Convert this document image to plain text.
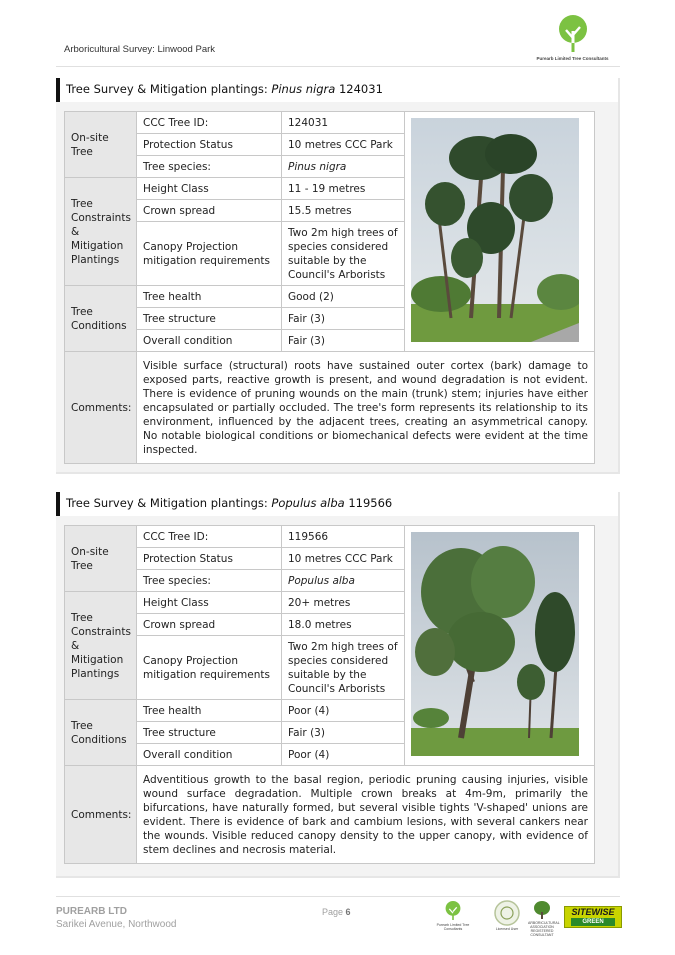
Arboricultural Survey: Linwood Park
Purearb Limited Tree Consultants
Tree Survey & Mitigation plantings: Pinus nigra 124031
On-site Tree	CCC Tree ID:	124031	
	Protection Status	10 metres CCC Park	
	Tree species:	Pinus nigra	
Tree Constraints & Mitigation Plantings	Height Class	11 - 19 metres	
	Crown spread	15.5 metres	
	Canopy Projection mitigation requirements	Two 2m high trees of species considered suitable by the Council's Arborists	
Tree Conditions	Tree health	Good (2)	
	Tree structure	Fair (3)	
	Overall condition	Fair (3)	
Comments:	Visible surface (structural) roots have sustained outer cortex (bark) damage to exposed parts, reactive growth is present, and wound degradation is not evident. There is evidence of pruning wounds on the main (trunk) stem; injuries have either encapsulated or partially occluded. The tree's form represents its relationship to its environment, influenced by the adjacent trees, creating an asymmetrical canopy. No notable biological conditions or biomechanical defects were evident at the time inspected.		
Tree Survey & Mitigation plantings: Populus alba 119566
On-site Tree	CCC Tree ID:	119566	
	Protection Status	10 metres CCC Park	
	Tree species:	Populus alba	
Tree Constraints & Mitigation Plantings	Height Class	20+ metres	
	Crown spread	18.0 metres	
	Canopy Projection mitigation requirements	Two 2m high trees of species considered suitable by the Council's Arborists	
Tree Conditions	Tree health	Poor (4)	
	Tree structure	Fair (3)	
	Overall condition	Poor (4)	
Comments:	Adventitious growth to the basal region, periodic pruning causing injuries, visible wound surface degradation. Multiple crown breaks at 4m-9m, primarily the bifurcations, have naturally formed, but several visible tights 'V-shaped' unions are evident. There is evidence of bark and cambium lesions, with several cankers near the wounds. Visible reduced canopy density to the upper canopy, with evidence of stem declines and necrosis material.		
PUREARB LTD
Sarikei Avenue, Northwood
Page 6
Purearb Limited Tree Consultants	Licensed User
ARBORICULTURAL ASSOCIATION REGISTERED CONSULTANT
SITEWISE
GREEN
